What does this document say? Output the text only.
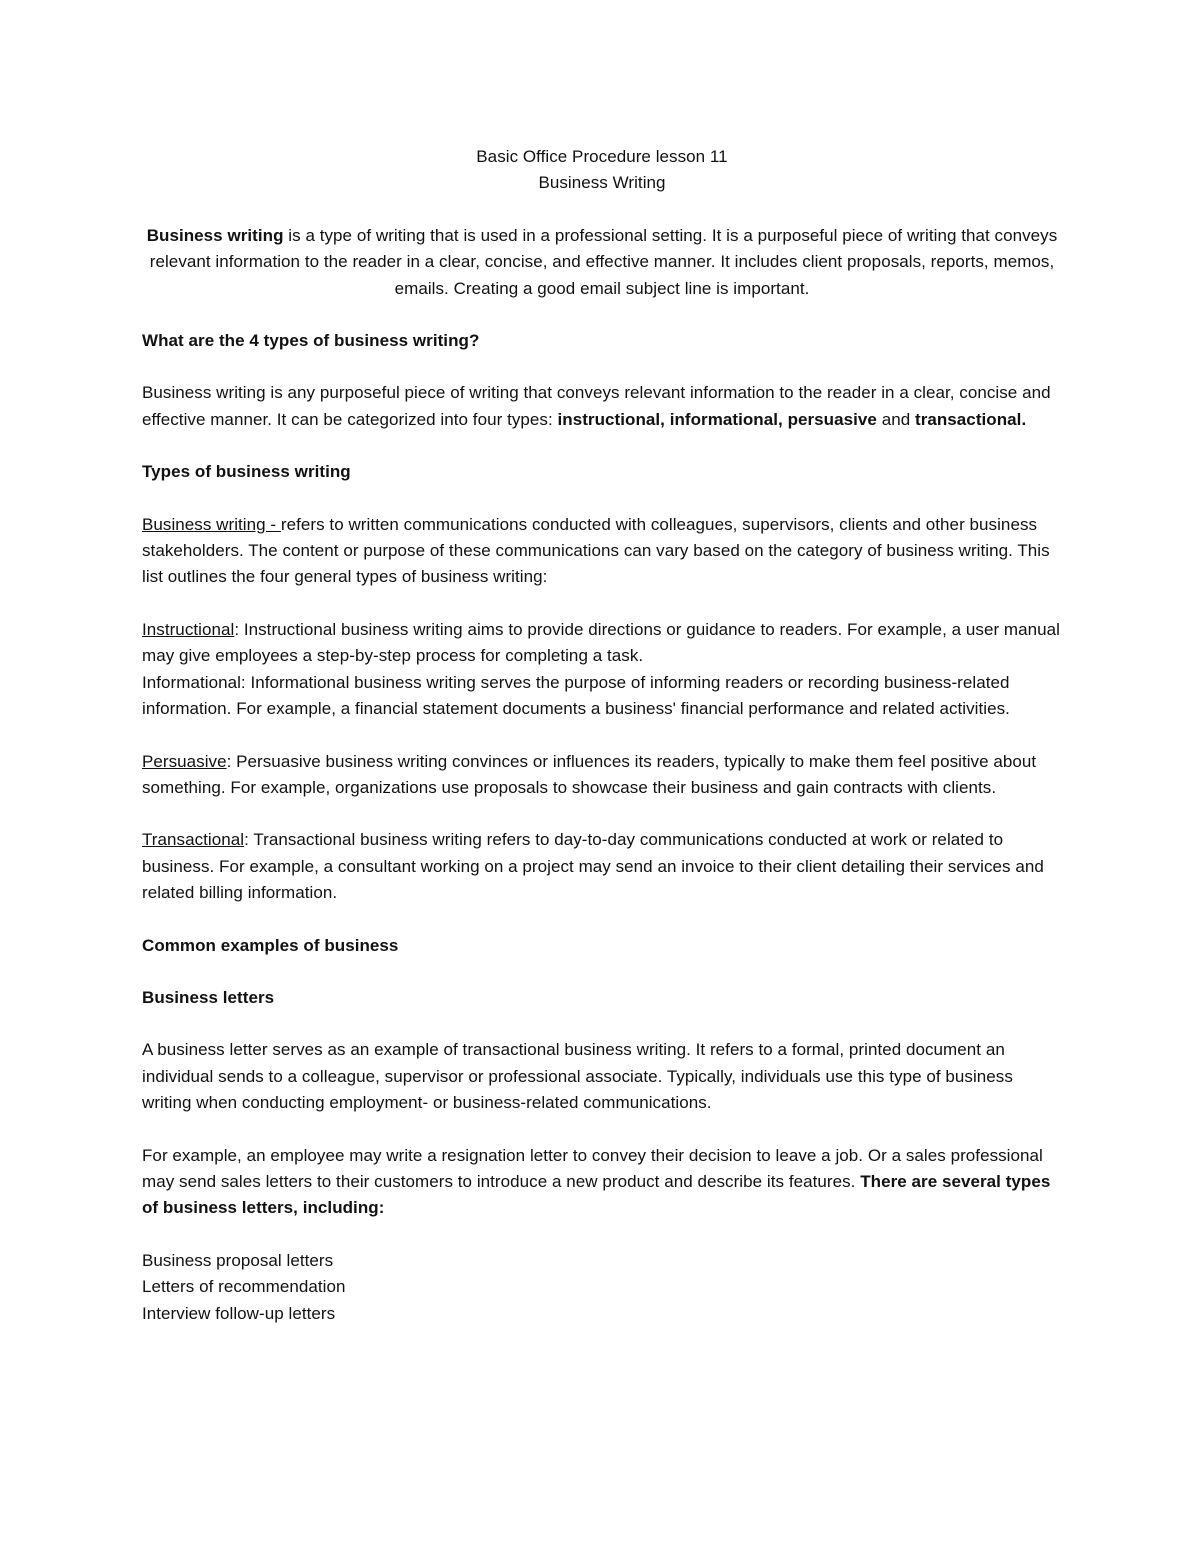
Basic Office Procedure lesson 11
Business Writing
Business writing is a type of writing that is used in a professional setting. It is a purposeful piece of writing that conveys relevant information to the reader in a clear, concise, and effective manner. It includes client proposals, reports, memos, emails. Creating a good email subject line is important.
What are the 4 types of business writing?

Business writing is any purposeful piece of writing that conveys relevant information to the reader in a clear, concise and effective manner. It can be categorized into four types: instructional, informational, persuasive and transactional.

Types of business writing

Business writing - refers to written communications conducted with colleagues, supervisors, clients and other business stakeholders. The content or purpose of these communications can vary based on the category of business writing. This list outlines the four general types of business writing:

Instructional: Instructional business writing aims to provide directions or guidance to readers. For example, a user manual may give employees a step-by-step process for completing a task.

Informational: Informational business writing serves the purpose of informing readers or recording business-related information. For example, a financial statement documents a business' financial performance and related activities.

Persuasive: Persuasive business writing convinces or influences its readers, typically to make them feel positive about something. For example, organizations use proposals to showcase their business and gain contracts with clients.

Transactional: Transactional business writing refers to day-to-day communications conducted at work or related to business. For example, a consultant working on a project may send an invoice to their client detailing their services and related billing information.

Common examples of business
Business letters

A business letter serves as an example of transactional business writing. It refers to a formal, printed document an individual sends to a colleague, supervisor or professional associate. Typically, individuals use this type of business writing when conducting employment- or business-related communications.

For example, an employee may write a resignation letter to convey their decision to leave a job. Or a sales professional may send sales letters to their customers to introduce a new product and describe its features. There are several types of business letters, including:

Business proposal letters
Letters of recommendation
Interview follow-up letters
